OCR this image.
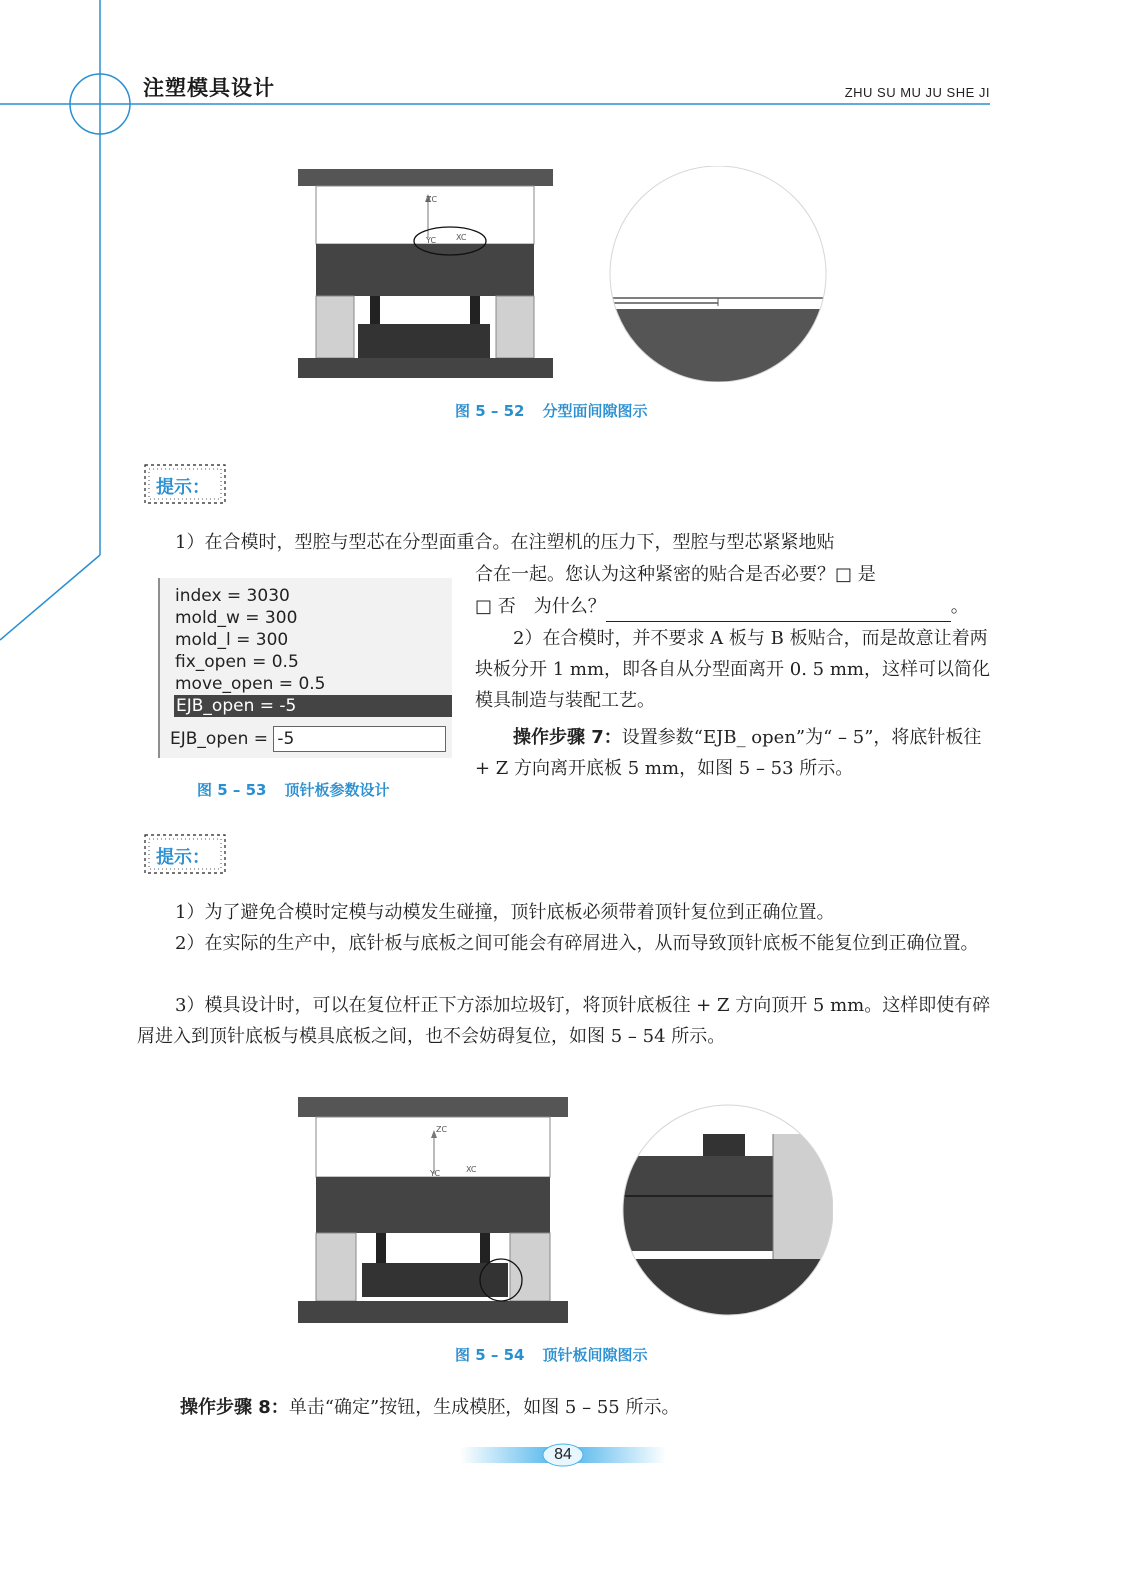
注塑模具设计	ZHU SU MU JU SHE JI
ZC
XC
YC
图 5 – 52 分型面间隙图示
提示：
1）在合模时，型腔与型芯在分型面重合。在注塑机的压力下，型腔与型芯紧紧地贴
合在一起。您认为这种紧密的贴合是否必要？□ 是
□ 否　为什么？	。
2）在合模时，并不要求 A 板与 B 板贴合，而是故意让着两块板分开 1 mm，即各自从分型面离开 0. 5 mm，这样可以简化模具制造与装配工艺。
index = 3030
mold_w = 300
mold_l = 300
fix_open = 0.5
move_open = 0.5
EJB_open = -5
EJB_open = -5
图 5 – 53 顶针板参数设计
操作步骤 7：设置参数“EJB_ open”为“ – 5”，将底针板往 + Z 方向离开底板 5 mm，如图 5 – 53 所示。
提示：
1）为了避免合模时定模与动模发生碰撞，顶针底板必须带着顶针复位到正确位置。
2）在实际的生产中，底针板与底板之间可能会有碎屑进入，从而导致顶针底板不能复位到正确位置。
3）模具设计时，可以在复位杆正下方添加垃圾钉，将顶针底板往 + Z 方向顶开 5 mm。这样即使有碎屑进入到顶针底板与模具底板之间，也不会妨碍复位，如图 5 – 54 所示。
ZC
XC
YC
图 5 – 54 顶针板间隙图示
操作步骤 8：单击“确定”按钮，生成模胚，如图 5 – 55 所示。
84
